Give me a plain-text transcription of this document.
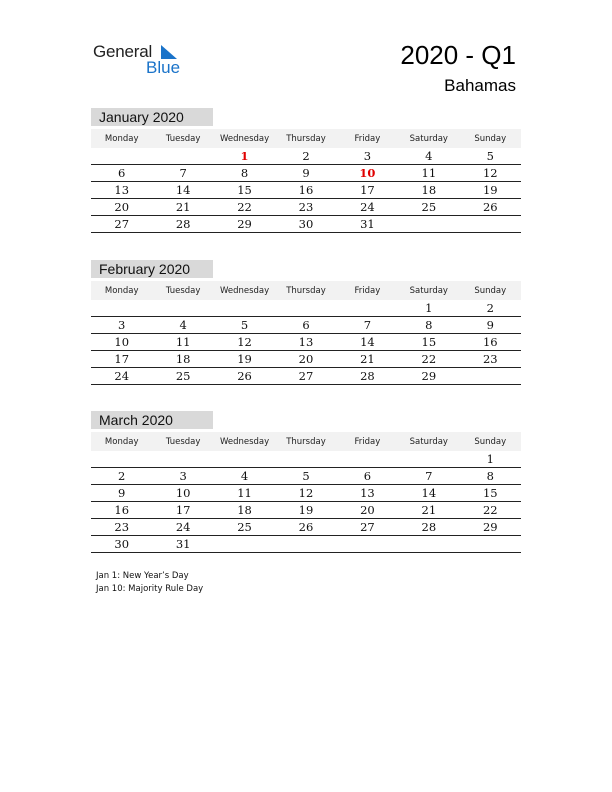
General
Blue	2020 - Q1
Bahamas
January 2020
Monday	Tuesday	Wednesday	Thursday	Friday	Saturday	Sunday
		1	2	3	4	5
6	7	8	9	10	11	12
13	14	15	16	17	18	19
20	21	22	23	24	25	26
27	28	29	30	31		
February 2020
Monday	Tuesday	Wednesday	Thursday	Friday	Saturday	Sunday
					1	2
3	4	5	6	7	8	9
10	11	12	13	14	15	16
17	18	19	20	21	22	23
24	25	26	27	28	29	
March 2020
Monday	Tuesday	Wednesday	Thursday	Friday	Saturday	Sunday
						1
2	3	4	5	6	7	8
9	10	11	12	13	14	15
16	17	18	19	20	21	22
23	24	25	26	27	28	29
30	31					
Jan 1: New Year’s Day
Jan 10: Majority Rule Day
